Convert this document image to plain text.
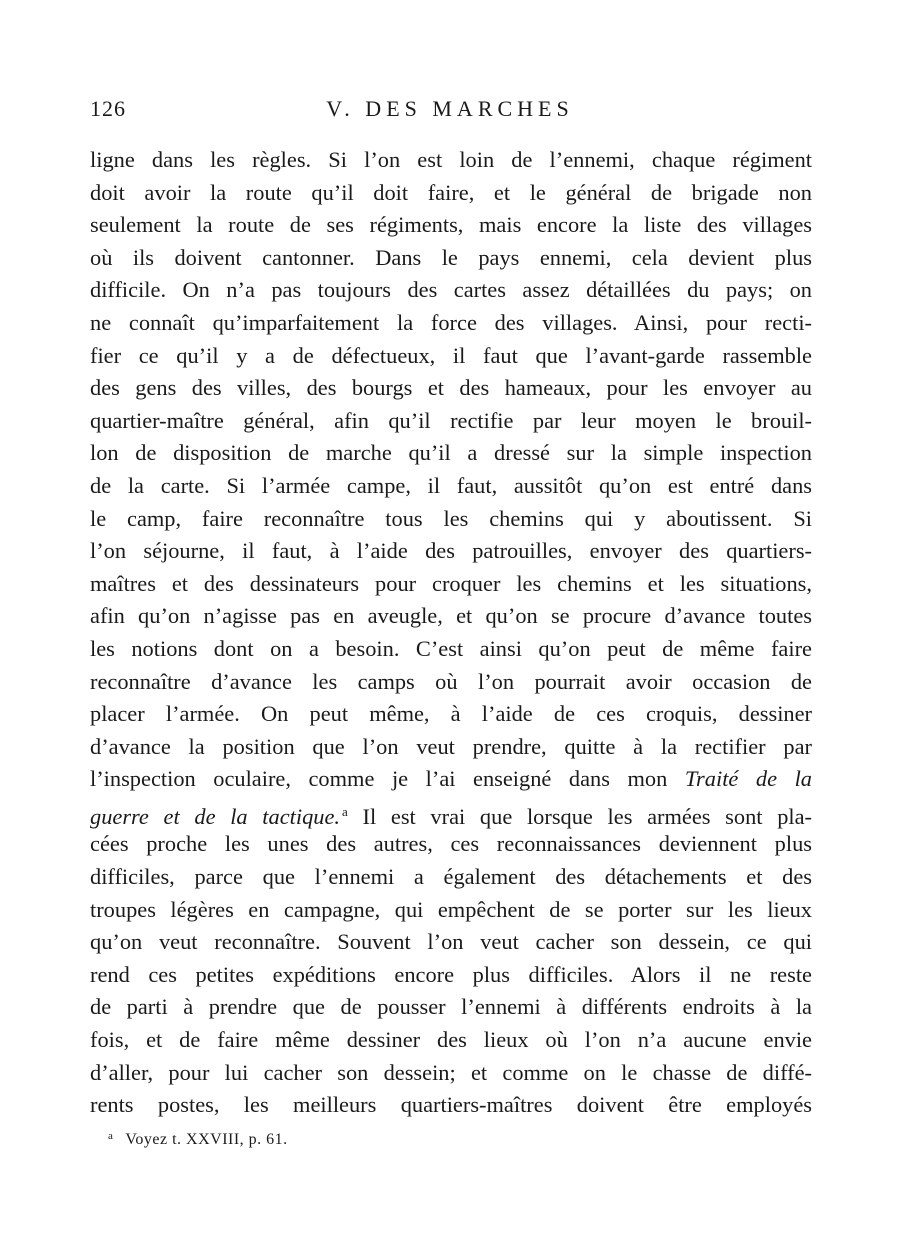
126	V. DES MARCHES
ligne dans les règles. Si l’on est loin de l’ennemi, chaque régiment
doit avoir la route qu’il doit faire, et le général de brigade non
seulement la route de ses régiments, mais encore la liste des villages
où ils doivent cantonner. Dans le pays ennemi, cela devient plus
difficile. On n’a pas toujours des cartes assez détaillées du pays; on
ne connaît qu’imparfaitement la force des villages. Ainsi, pour recti-
fier ce qu’il y a de défectueux, il faut que l’avant-garde rassemble
des gens des villes, des bourgs et des hameaux, pour les envoyer au
quartier-maître général, afin qu’il rectifie par leur moyen le brouil-
lon de disposition de marche qu’il a dressé sur la simple inspection
de la carte. Si l’armée campe, il faut, aussitôt qu’on est entré dans
le camp, faire reconnaître tous les chemins qui y aboutissent. Si
l’on séjourne, il faut, à l’aide des patrouilles, envoyer des quartiers-
maîtres et des dessinateurs pour croquer les chemins et les situations,
afin qu’on n’agisse pas en aveugle, et qu’on se procure d’avance toutes
les notions dont on a besoin. C’est ainsi qu’on peut de même faire
reconnaître d’avance les camps où l’on pourrait avoir occasion de
placer l’armée. On peut même, à l’aide de ces croquis, dessiner
d’avance la position que l’on veut prendre, quitte à la rectifier par
l’inspection oculaire, comme je l’ai enseigné dans mon Traité de la
guerre et de la tactique. $^a$ Il est vrai que lorsque les armées sont pla-
cées proche les unes des autres, ces reconnaissances deviennent plus
difficiles, parce que l’ennemi a également des détachements et des
troupes légères en campagne, qui empêchent de se porter sur les lieux
qu’on veut reconnaître. Souvent l’on veut cacher son dessein, ce qui
rend ces petites expéditions encore plus difficiles. Alors il ne reste
de parti à prendre que de pousser l’ennemi à différents endroits à la
fois, et de faire même dessiner des lieux où l’on n’a aucune envie
d’aller, pour lui cacher son dessein; et comme on le chasse de diffé-
rents postes, les meilleurs quartiers-maîtres doivent être employés
$^a$ Voyez t. XXVIII, p. 61.
